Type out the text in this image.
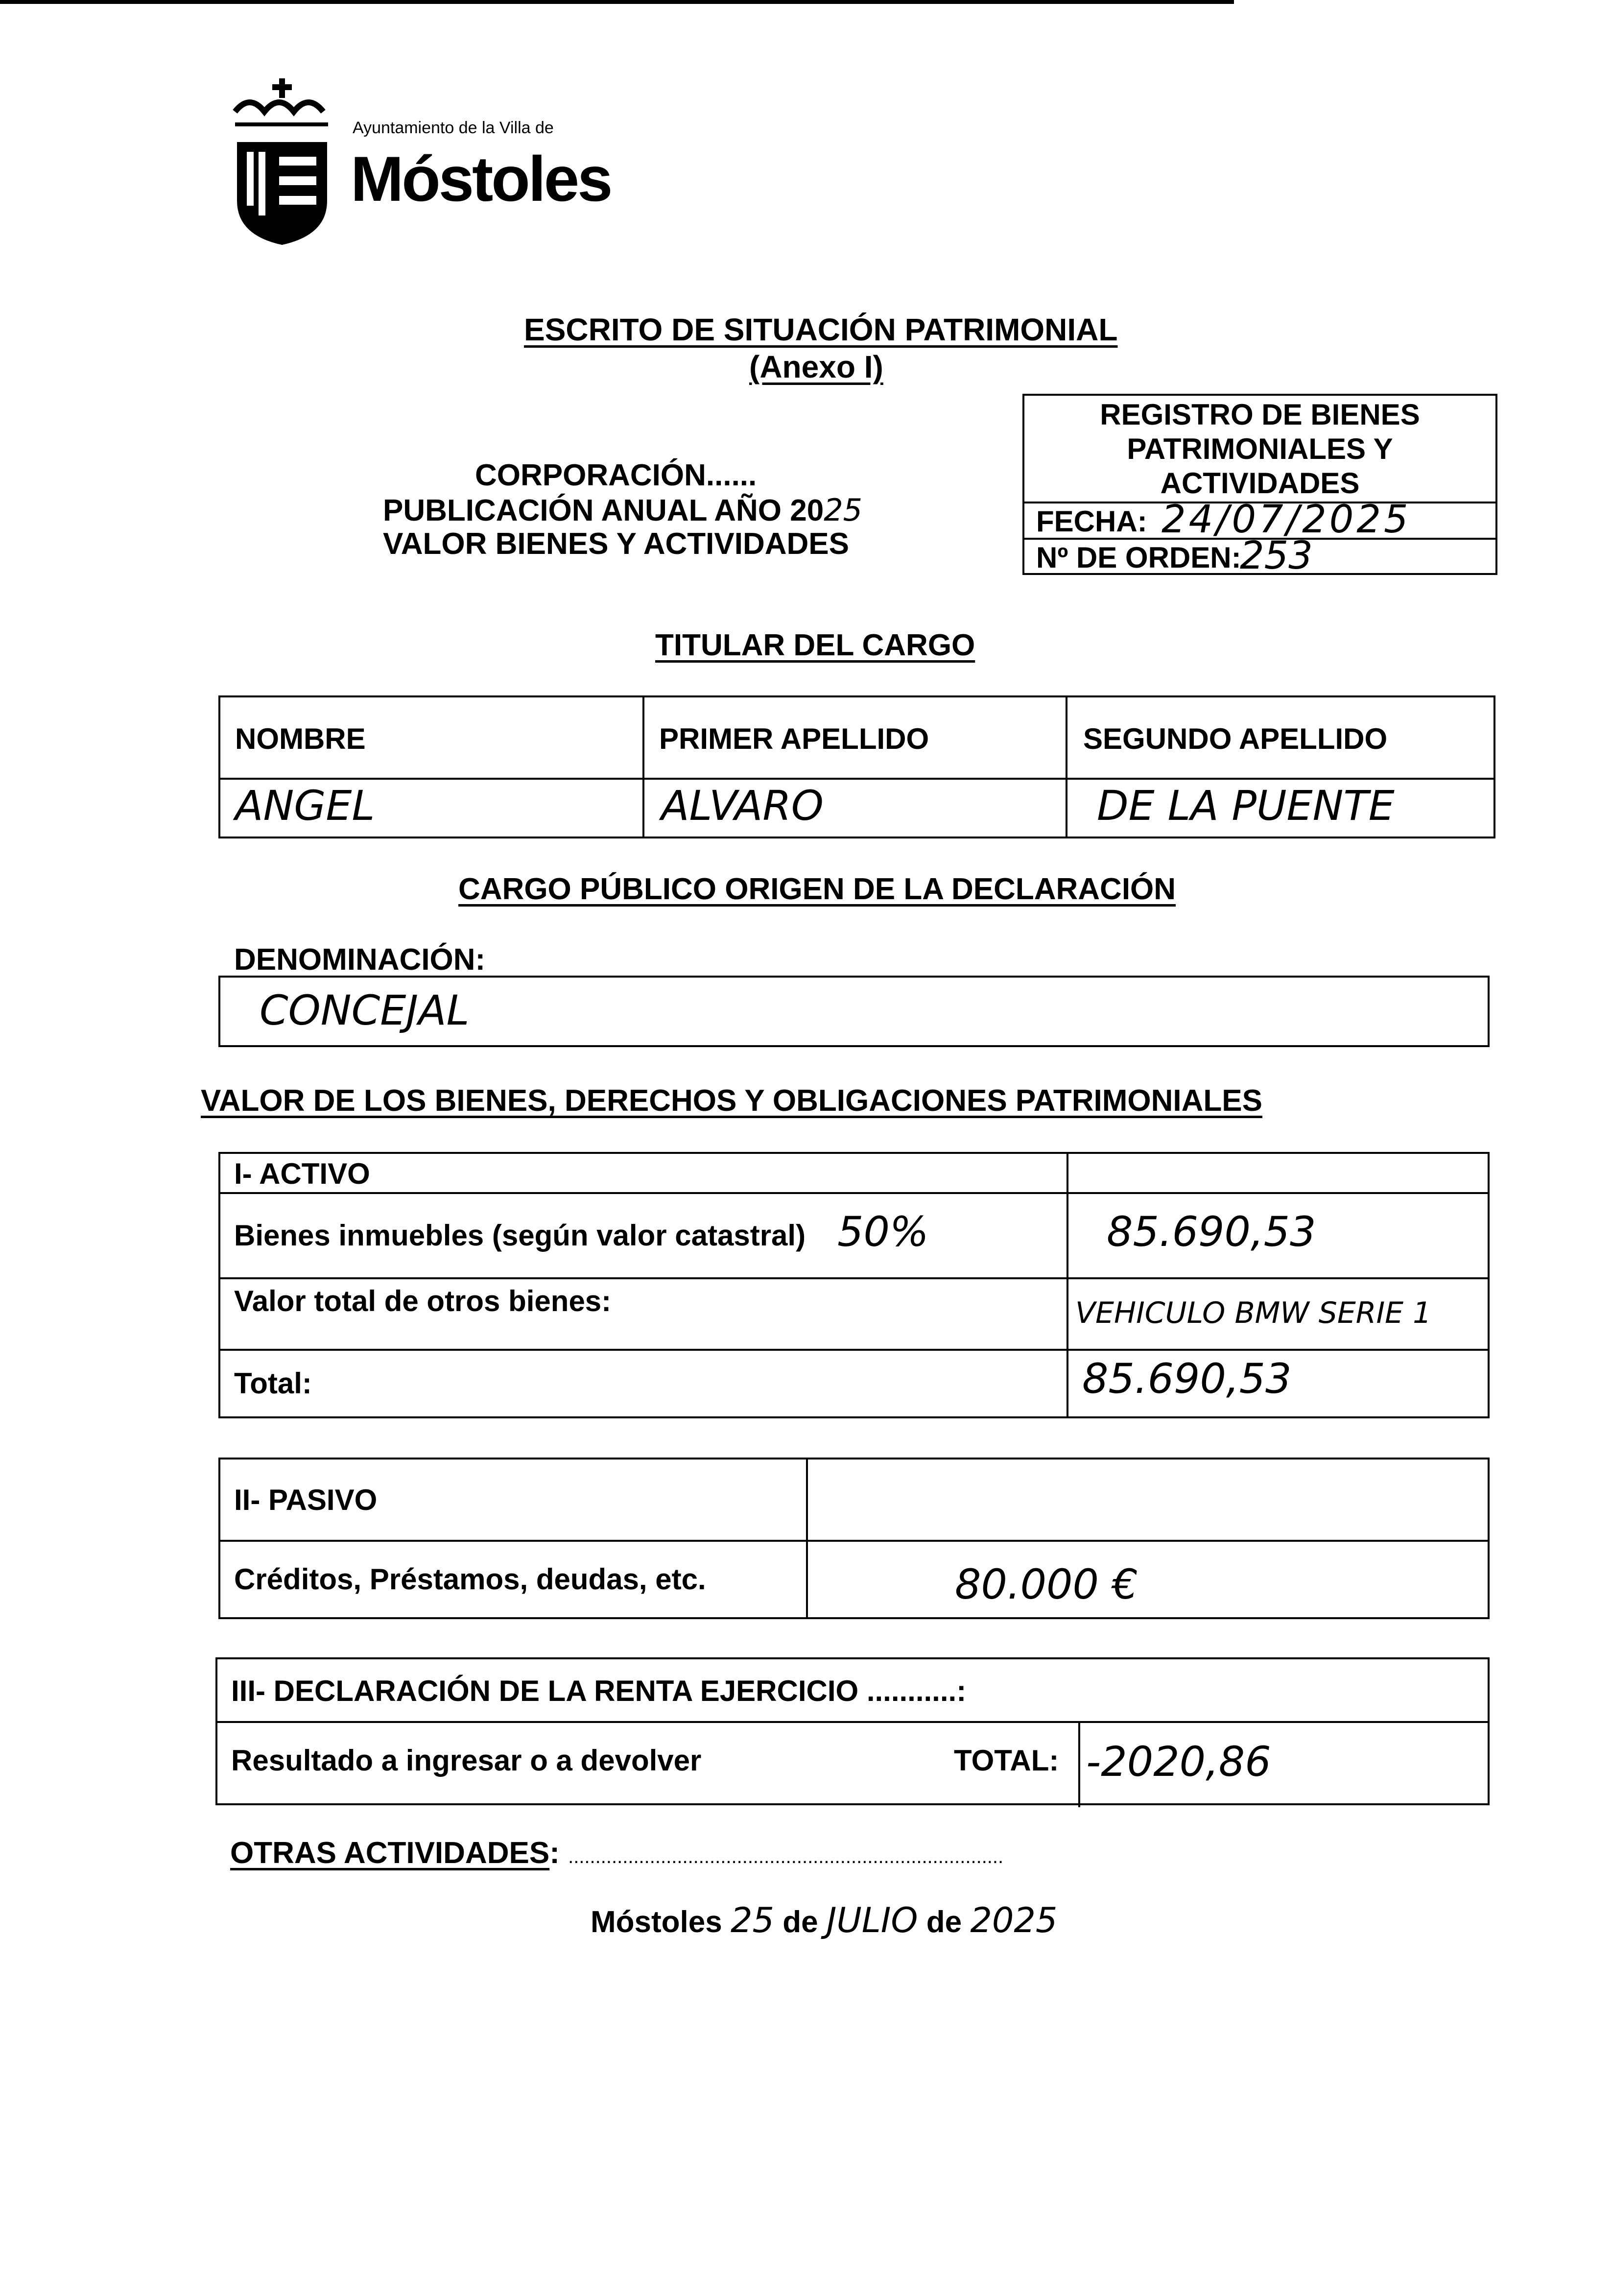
Ayuntamiento de la Villa de
Móstoles
ESCRITO DE SITUACIÓN PATRIMONIAL
(Anexo I)
CORPORACIÓN......
PUBLICACIÓN ANUAL AÑO 2025
VALOR BIENES Y ACTIVIDADES
REGISTRO DE BIENES
PATRIMONIALES Y
ACTIVIDADES
FECHA: 24/07/2025
Nº DE ORDEN:
253
TITULAR DEL CARGO
NOMBRE	PRIMER APELLIDO	SEGUNDO APELLIDO
ANGEL	ALVARO	DE LA PUENTE
CARGO PÚBLICO ORIGEN DE LA DECLARACIÓN
DENOMINACIÓN:
CONCEJAL
VALOR DE LOS BIENES, DERECHOS Y OBLIGACIONES PATRIMONIALES
I- ACTIVO
Bienes inmuebles (según valor catastral) 50%	85.690,53
Valor total de otros bienes:	VEHICULO BMW SERIE 1
Total:	85.690,53
II- PASIVO
Créditos, Préstamos, deudas, etc.	80.000 €
III- DECLARACIÓN DE LA RENTA EJERCICIO ...........:
Resultado a ingresar o a devolver	TOTAL: -2020,86
OTRAS ACTIVIDADES: ................................................................................
Móstoles 25 de JULIO de 2025
